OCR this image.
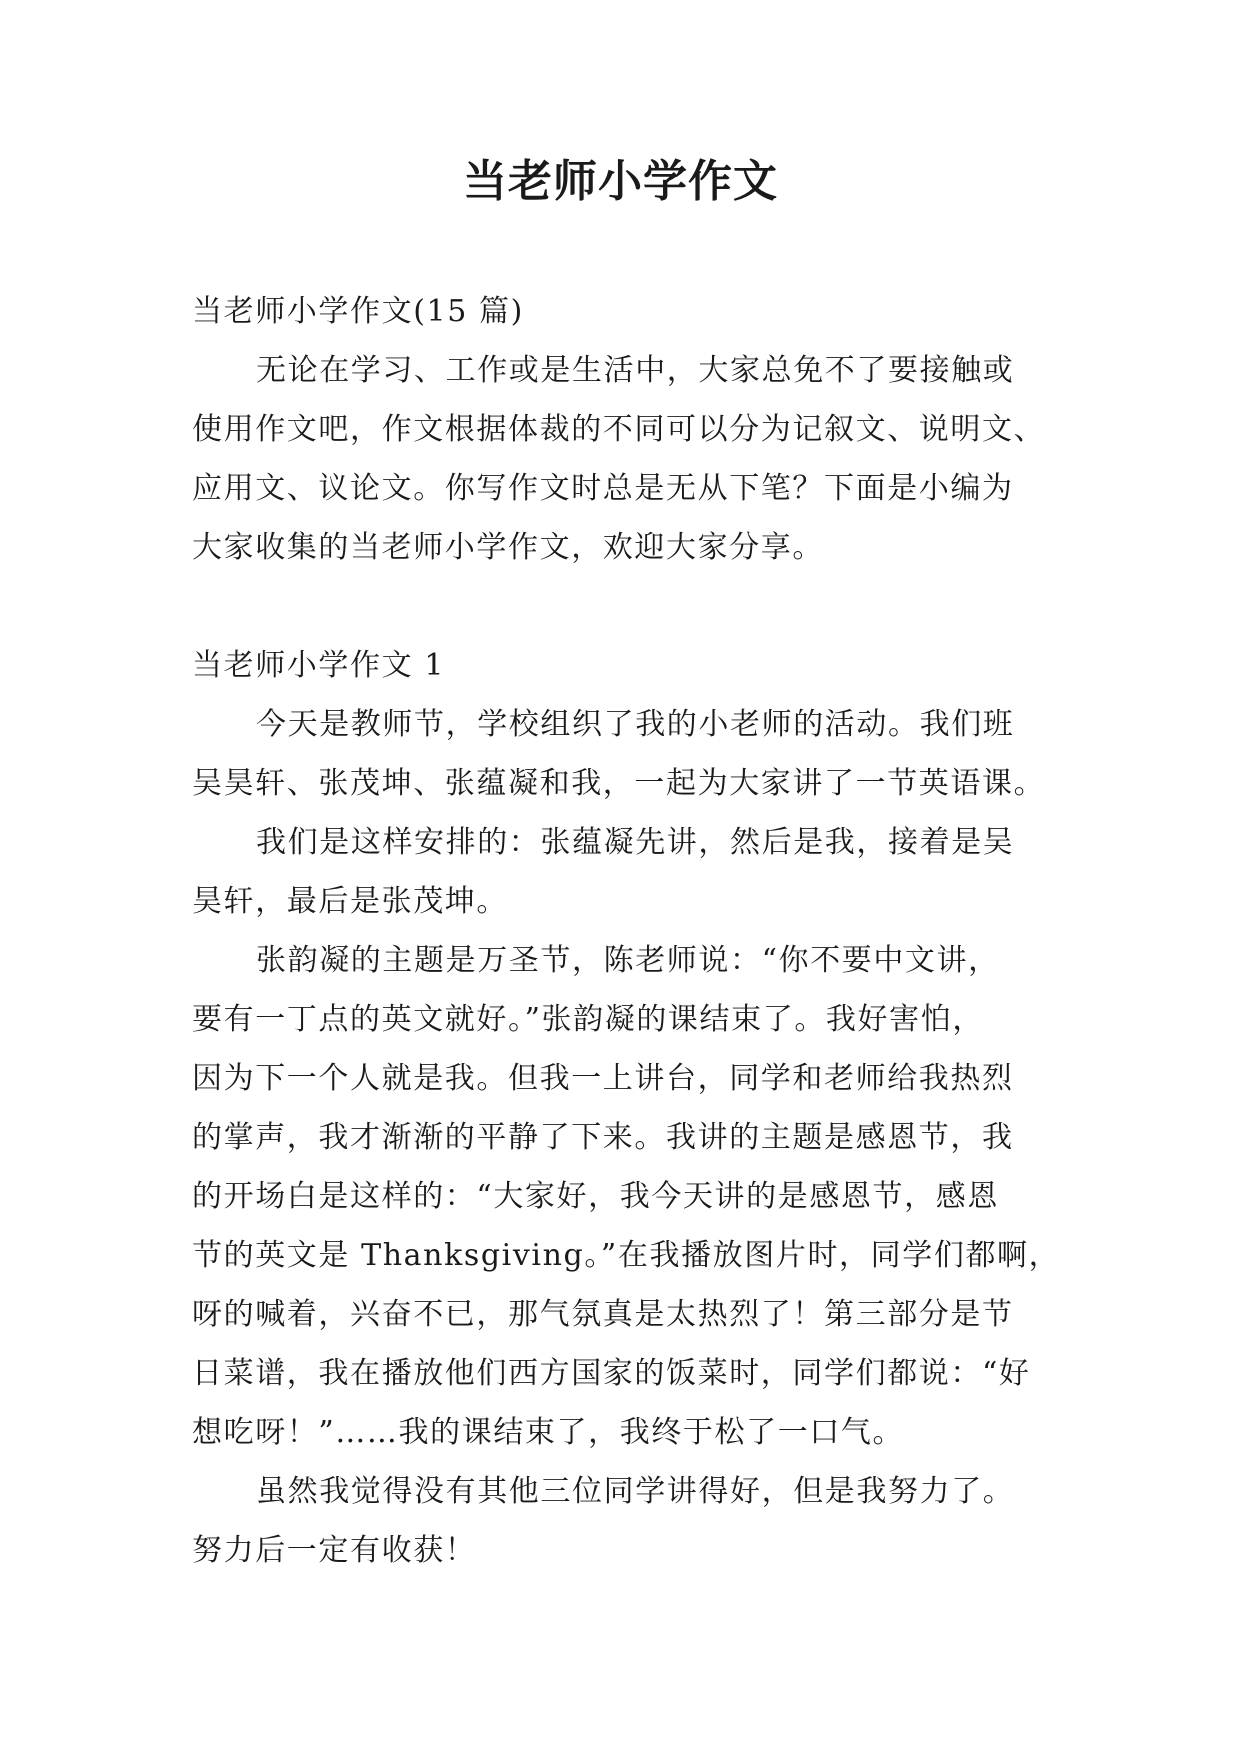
当老师小学作文

当老师小学作文(15 篇)

无论在学习、工作或是生活中，大家总免不了要接触或

使用作文吧，作文根据体裁的不同可以分为记叙文、说明文、

应用文、议论文。你写作文时总是无从下笔？下面是小编为

大家收集的当老师小学作文，欢迎大家分享。

当老师小学作文 1

今天是教师节，学校组织了我的小老师的活动。我们班

吴昊轩、张茂坤、张蕴凝和我，一起为大家讲了一节英语课。

我们是这样安排的：张蕴凝先讲，然后是我，接着是吴

昊轩，最后是张茂坤。

张韵凝的主题是万圣节，陈老师说：“你不要中文讲，

要有一丁点的英文就好。”张韵凝的课结束了。我好害怕，

因为下一个人就是我。但我一上讲台，同学和老师给我热烈

的掌声，我才渐渐的平静了下来。我讲的主题是感恩节，我

的开场白是这样的：“大家好，我今天讲的是感恩节，感恩

节的英文是 Thanksgiving。”在我播放图片时，同学们都啊，

呀的喊着，兴奋不已，那气氛真是太热烈了！第三部分是节

日菜谱，我在播放他们西方国家的饭菜时，同学们都说：“好

想吃呀！”……我的课结束了，我终于松了一口气。

虽然我觉得没有其他三位同学讲得好，但是我努力了。

努力后一定有收获！
